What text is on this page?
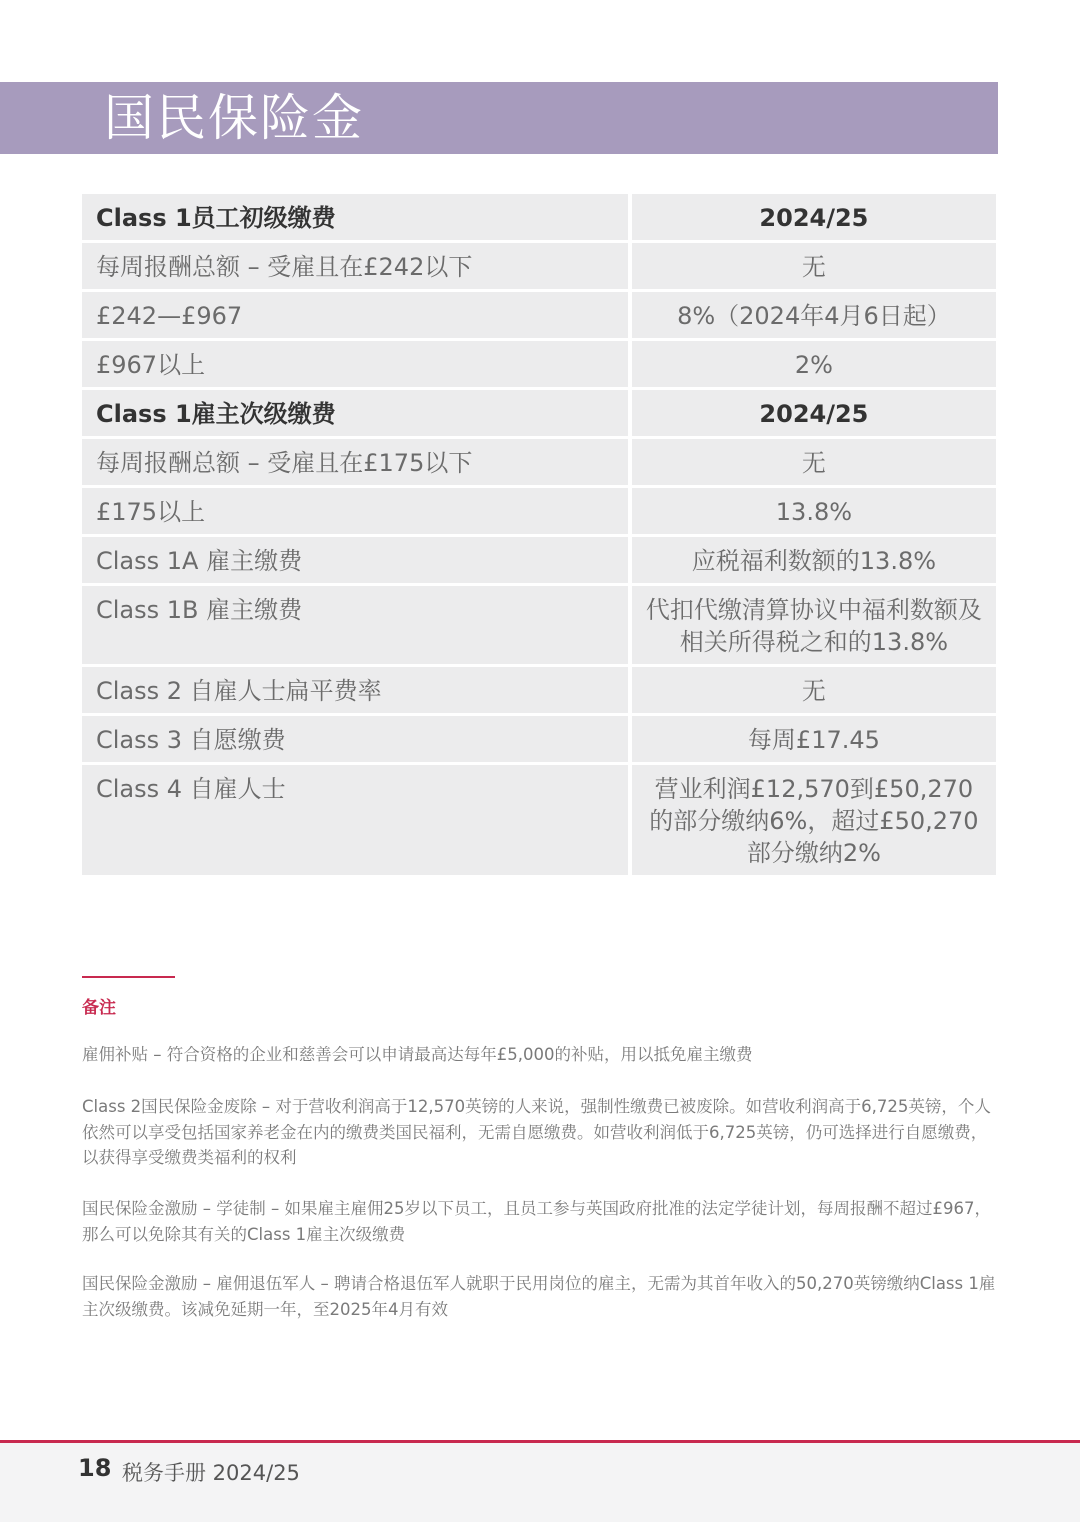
国民保险金
Class 1员工初级缴费	2024/25
每周报酬总额 – 受雇且在£242以下	无
£242—£967	8%（2024年4月6日起）
£967以上	2%
Class 1雇主次级缴费	2024/25
每周报酬总额 – 受雇且在£175以下	无
£175以上	13.8%
Class 1A 雇主缴费	应税福利数额的13.8%
Class 1B 雇主缴费	代扣代缴清算协议中福利数额及相关所得税之和的13.8%
Class 2 自雇人士扁平费率	无
Class 3 自愿缴费	每周£17.45
Class 4 自雇人士	营业利润£12,570到£50,270的部分缴纳6%，超过£50,270部分缴纳2%
备注
雇佣补贴 – 符合资格的企业和慈善会可以申请最高达每年£5,000的补贴，用以抵免雇主缴费
Class 2国民保险金废除 – 对于营收利润高于12,570英镑的人来说，强制性缴费已被废除。如营收利润高于6,725英镑，个人依然可以享受包括国家养老金在内的缴费类国民福利，无需自愿缴费。如营收利润低于6,725英镑，仍可选择进行自愿缴费，以获得享受缴费类福利的权利
国民保险金激励 – 学徒制 – 如果雇主雇佣25岁以下员工，且员工参与英国政府批准的法定学徒计划，每周报酬不超过£967，那么可以免除其有关的Class 1雇主次级缴费
国民保险金激励 – 雇佣退伍军人 – 聘请合格退伍军人就职于民用岗位的雇主，无需为其首年收入的50,270英镑缴纳Class 1雇主次级缴费。该减免延期一年，至2025年4月有效
18 税务手册 2024/25
